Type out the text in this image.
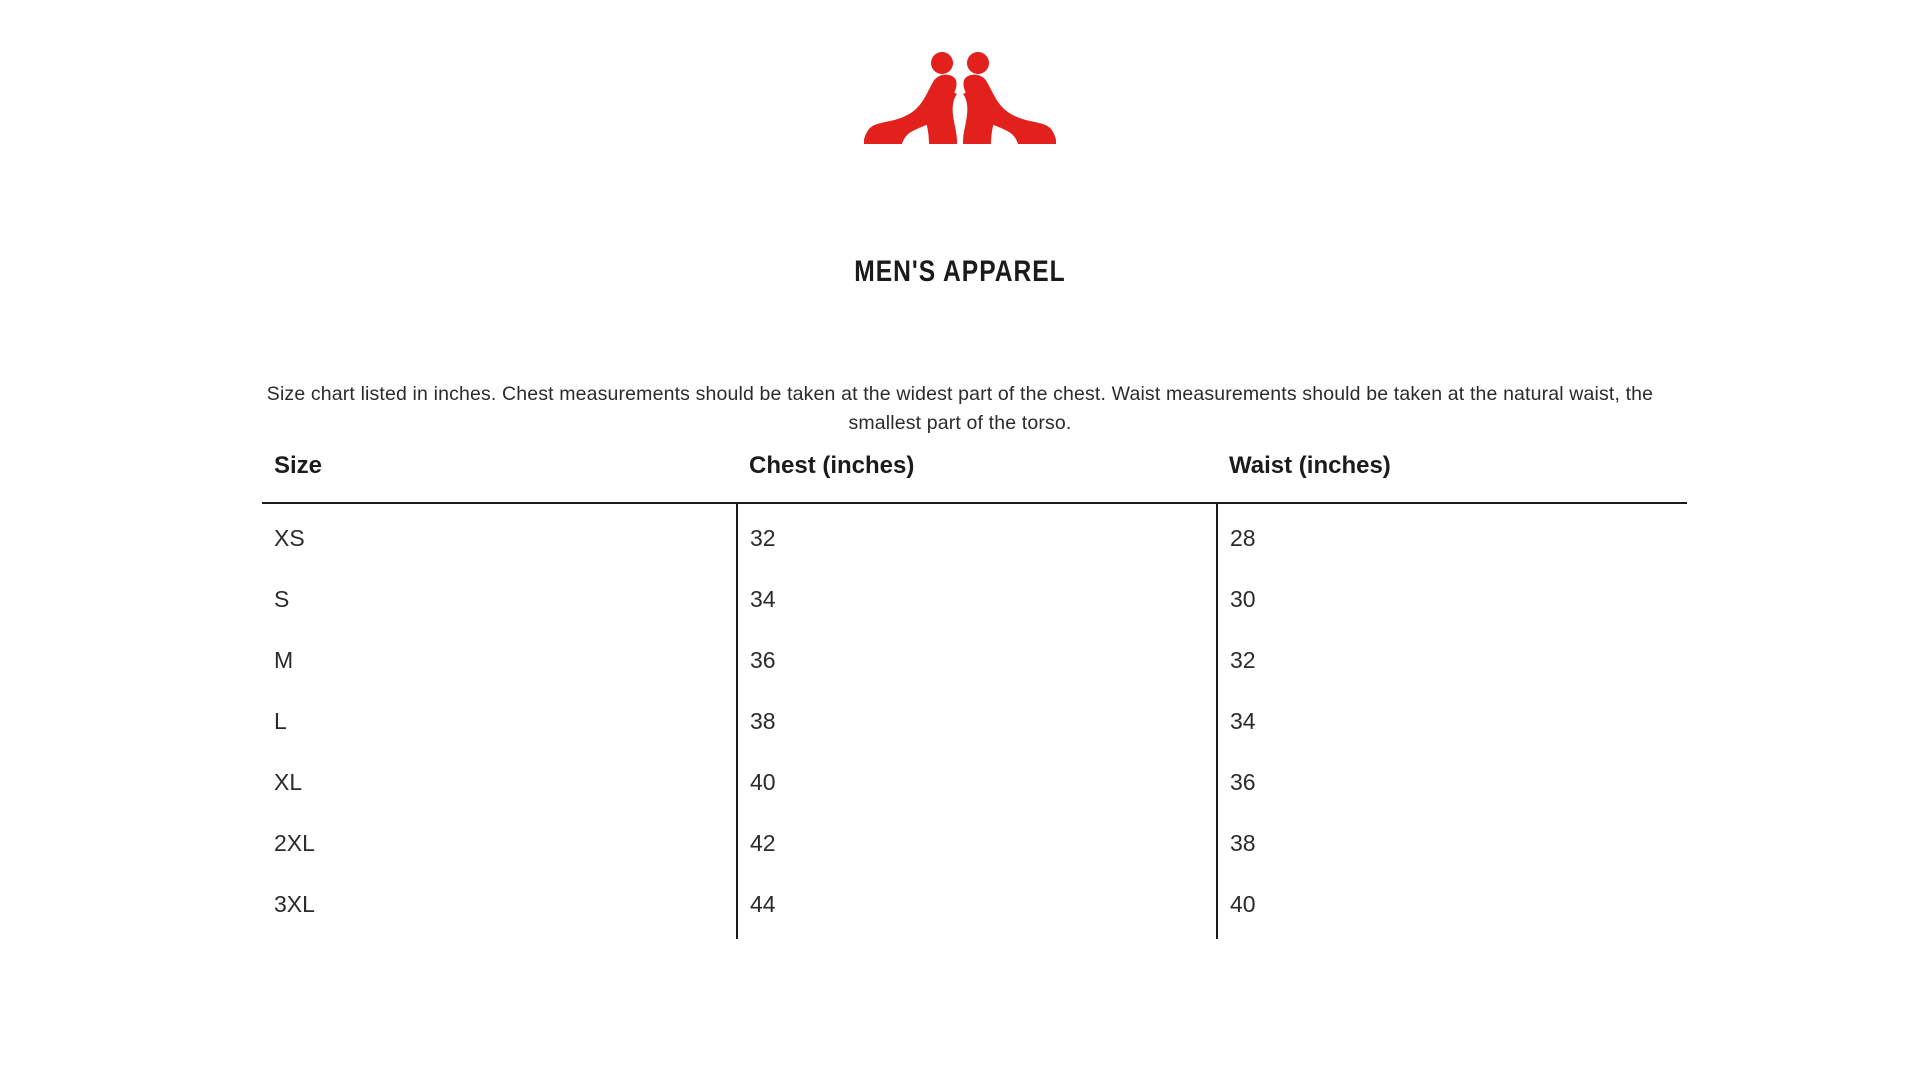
MEN'S APPAREL

Size chart listed in inches. Chest measurements should be taken at the widest part of the chest. Waist measurements should be taken at the natural waist, the smallest part of the torso.

Size	Chest (inches)	Waist (inches)
XS	32	28
S	34	30
M	36	32
L	38	34
XL	40	36
2XL	42	38
3XL	44	40
